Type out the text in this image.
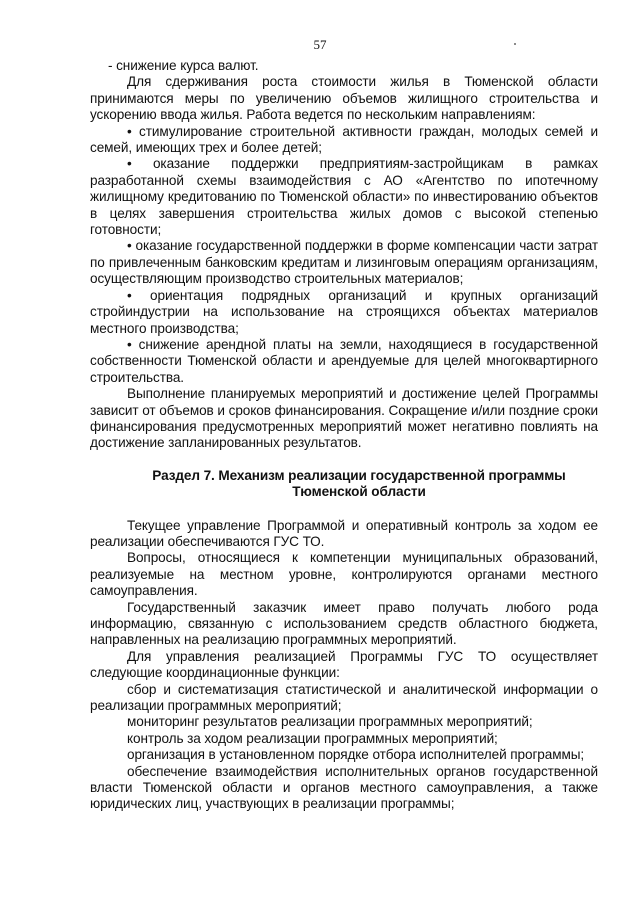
57

- снижение курса валют.

Для сдерживания роста стоимости жилья в Тюменской области принимаются меры по увеличению объемов жилищного строительства и ускорению ввода жилья. Работа ведется по нескольким направлениям:

• стимулирование строительной активности граждан, молодых семей и семей, имеющих трех и более детей;

• оказание поддержки предприятиям-застройщикам в рамках разработанной схемы взаимодействия с АО «Агентство по ипотечному жилищному кредитованию по Тюменской области» по инвестированию объектов в целях завершения строительства жилых домов с высокой степенью готовности;

• оказание государственной поддержки в форме компенсации части затрат по привлеченным банковским кредитам и лизинговым операциям организациям, осуществляющим производство строительных материалов;

• ориентация подрядных организаций и крупных организаций стройиндустрии на использование на строящихся объектах материалов местного производства;

• снижение арендной платы на земли, находящиеся в государственной собственности Тюменской области и арендуемые для целей многоквартирного строительства.

Выполнение планируемых мероприятий и достижение целей Программы зависит от объемов и сроков финансирования. Сокращение и/или поздние сроки финансирования предусмотренных мероприятий может негативно повлиять на достижение запланированных результатов.

Раздел 7. Механизм реализации государственной программы
Тюменской области

Текущее управление Программой и оперативный контроль за ходом ее реализации обеспечиваются ГУС ТО.

Вопросы, относящиеся к компетенции муниципальных образований, реализуемые на местном уровне, контролируются органами местного самоуправления.

Государственный заказчик имеет право получать любого рода информацию, связанную с использованием средств областного бюджета, направленных на реализацию программных мероприятий.

Для управления реализацией Программы ГУС ТО осуществляет следующие координационные функции:

сбор и систематизация статистической и аналитической информации о реализации программных мероприятий;

мониторинг результатов реализации программных мероприятий;

контроль за ходом реализации программных мероприятий;

организация в установленном порядке отбора исполнителей программы;

обеспечение взаимодействия исполнительных органов государственной власти Тюменской области и органов местного самоуправления, а также юридических лиц, участвующих в реализации программы;
